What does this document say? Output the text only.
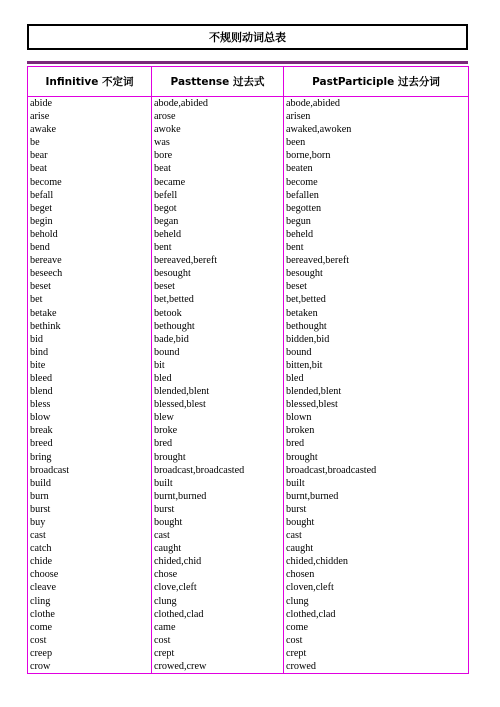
不规则动词总表
Infinitive 不定词	Pasttense 过去式	PastParticiple 过去分词
abide	abode,abided	abode,abided
arise	arose	arisen
awake	awoke	awaked,awoken
be	was	been
bear	bore	borne,born
beat	beat	beaten
become	became	become
befall	befell	befallen
beget	begot	begotten
begin	began	begun
behold	beheld	beheld
bend	bent	bent
bereave	bereaved,bereft	bereaved,bereft
beseech	besought	besought
beset	beset	beset
bet	bet,betted	bet,betted
betake	betook	betaken
bethink	bethought	bethought
bid	bade,bid	bidden,bid
bind	bound	bound
bite	bit	bitten,bit
bleed	bled	bled
blend	blended,blent	blended,blent
bless	blessed,blest	blessed,blest
blow	blew	blown
break	broke	broken
breed	bred	bred
bring	brought	brought
broadcast	broadcast,broadcasted	broadcast,broadcasted
build	built	built
burn	burnt,burned	burnt,burned
burst	burst	burst
buy	bought	bought
cast	cast	cast
catch	caught	caught
chide	chided,chid	chided,chidden
choose	chose	chosen
cleave	clove,cleft	cloven,cleft
cling	clung	clung
clothe	clothed,clad	clothed,clad
come	came	come
cost	cost	cost
creep	crept	crept
crow	crowed,crew	crowed
